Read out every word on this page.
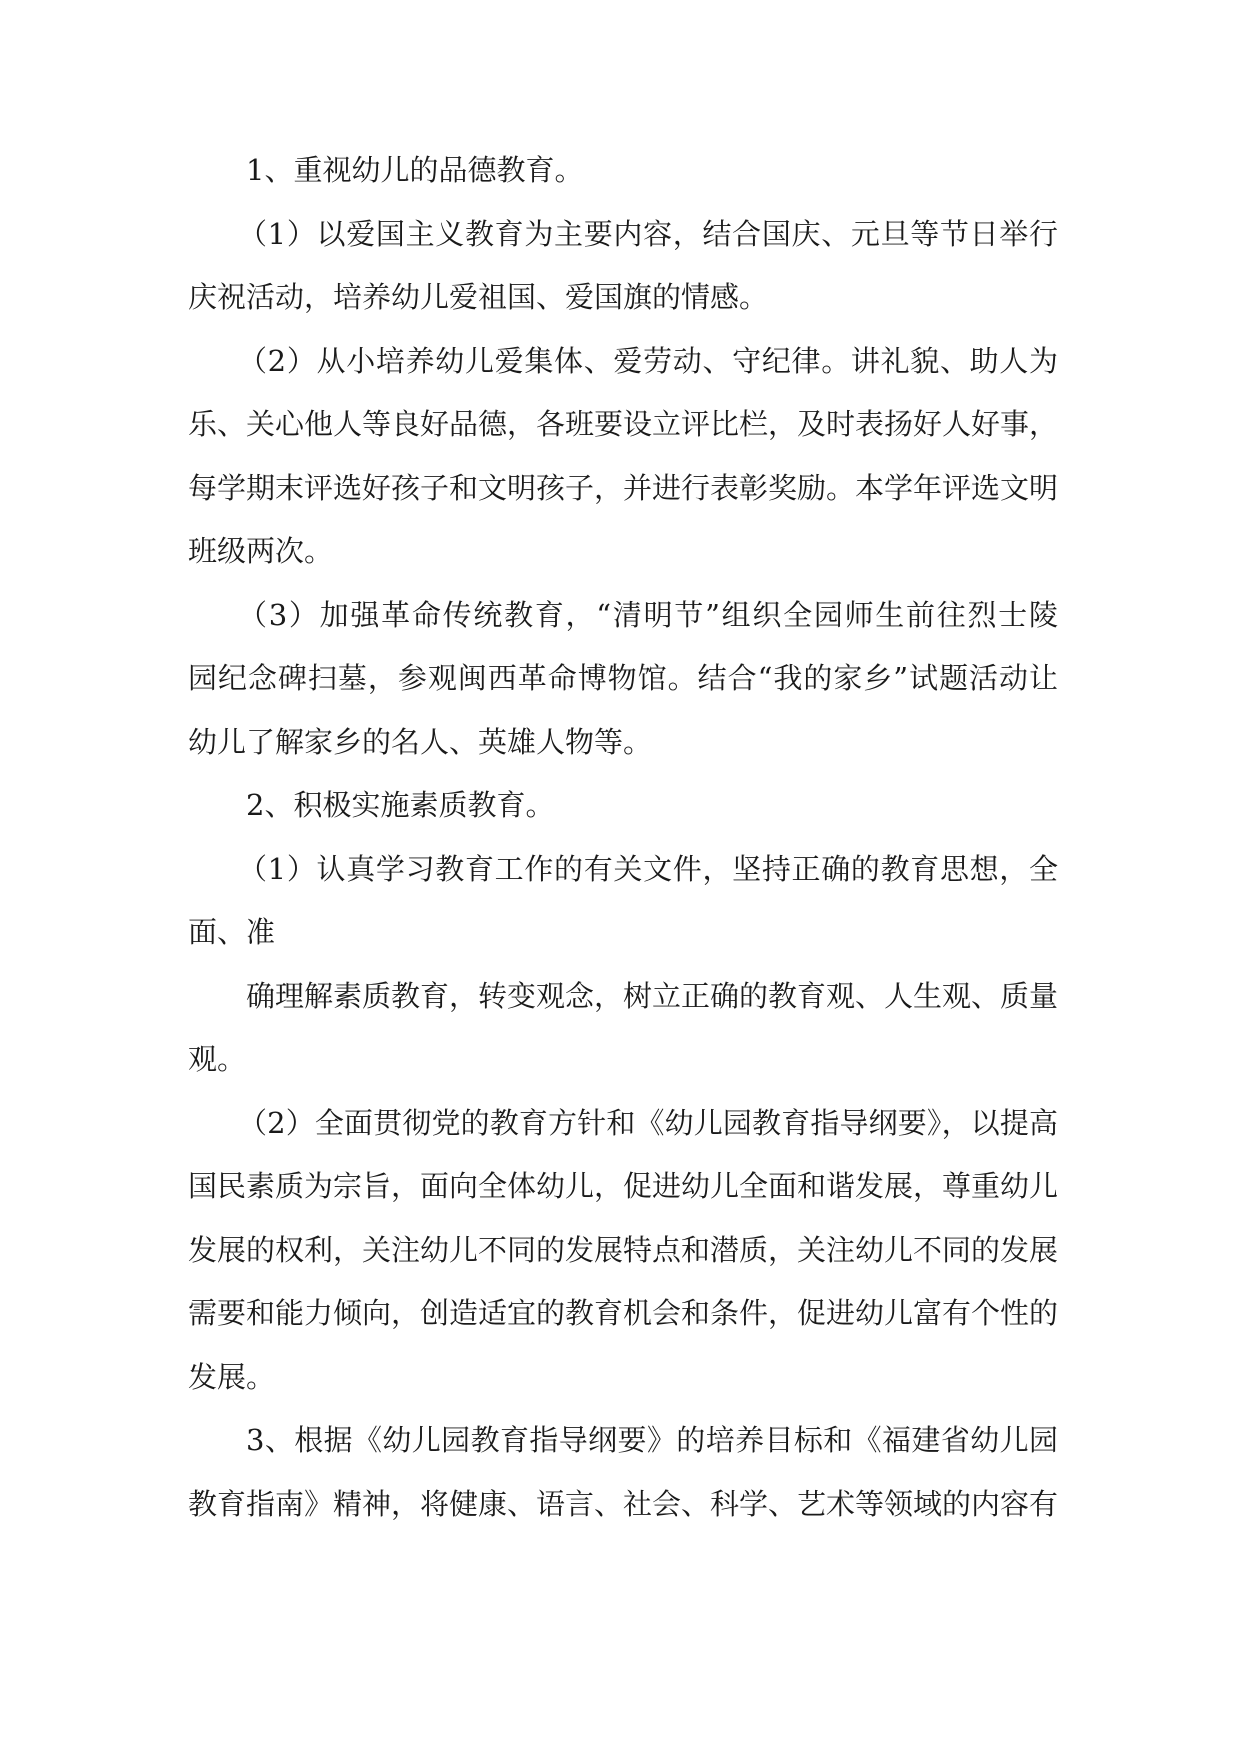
1、重视幼儿的品德教育。
（1）以爱国主义教育为主要内容，结合国庆、元旦等节日举行
庆祝活动，培养幼儿爱祖国、爱国旗的情感。
（2）从小培养幼儿爱集体、爱劳动、守纪律。讲礼貌、助人为
乐、关心他人等良好品德，各班要设立评比栏，及时表扬好人好事，
每学期末评选好孩子和文明孩子，并进行表彰奖励。本学年评选文明
班级两次。
（3）加强革命传统教育，“清明节”组织全园师生前往烈士陵
园纪念碑扫墓，参观闽西革命博物馆。结合“我的家乡”试题活动让
幼儿了解家乡的名人、英雄人物等。
2、积极实施素质教育。
（1）认真学习教育工作的有关文件，坚持正确的教育思想，全
面、准
确理解素质教育，转变观念，树立正确的教育观、人生观、质量
观。
（2）全面贯彻党的教育方针和《幼儿园教育指导纲要》，以提高
国民素质为宗旨，面向全体幼儿，促进幼儿全面和谐发展，尊重幼儿
发展的权利，关注幼儿不同的发展特点和潜质，关注幼儿不同的发展
需要和能力倾向，创造适宜的教育机会和条件，促进幼儿富有个性的
发展。
3、根据《幼儿园教育指导纲要》的培养目标和《福建省幼儿园
教育指南》精神，将健康、语言、社会、科学、艺术等领域的内容有
